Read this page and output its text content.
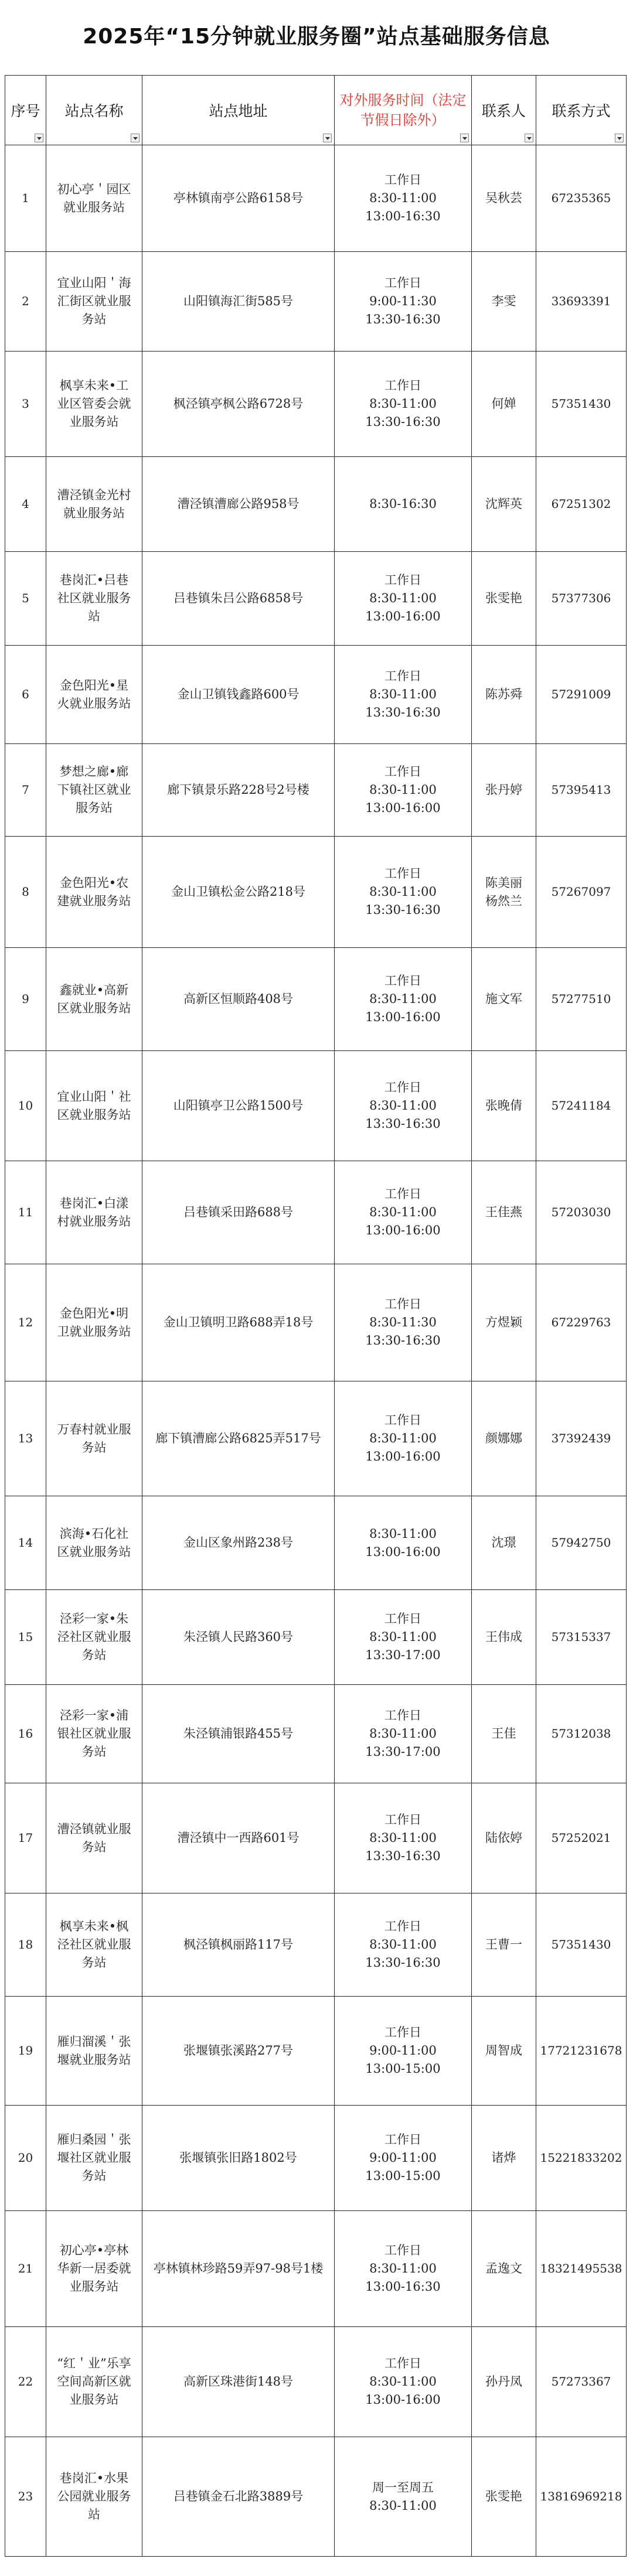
2025年“15分钟就业服务圈”站点基础服务信息
序号	站点名称	站点地址	对外服务时间（法定节假日除外）	联系人	联系方式

1	初心亭＇园区就业服务站	亭林镇南亭公路6158号	工作日
8:30-11:00
13:00-16:30	吴秋芸	67235365
2	宜业山阳＇海汇街区就业服务站	山阳镇海汇街585号	工作日
9:00-11:30
13:30-16:30	李雯	33693391
3	枫享未来•工业区管委会就业服务站	枫泾镇亭枫公路6728号	工作日
8:30-11:00
13:30-16:30	何婵	57351430
4	漕泾镇金光村就业服务站	漕泾镇漕廊公路958号	8:30-16:30	沈辉英	67251302
5	巷岗汇•吕巷社区就业服务站	吕巷镇朱吕公路6858号	工作日
8:30-11:00
13:00-16:00	张雯艳	57377306
6	金色阳光•星火就业服务站	金山卫镇钱鑫路600号	工作日
8:30-11:00
13:30-16:30	陈苏舜	57291009
7	梦想之廊•廊下镇社区就业服务站	廊下镇景乐路228号2号楼	工作日
8:30-11:00
13:00-16:00	张丹婷	57395413
8	金色阳光•农建就业服务站	金山卫镇松金公路218号	工作日
8:30-11:00
13:30-16:30	陈美丽
杨然兰	57267097
9	鑫就业•高新区就业服务站	高新区恒顺路408号	工作日
8:30-11:00
13:00-16:00	施文军	57277510
10	宜业山阳＇社区就业服务站	山阳镇亭卫公路1500号	工作日
8:30-11:00
13:30-16:30	张晚倩	57241184
11	巷岗汇•白漾村就业服务站	吕巷镇采田路688号	工作日
8:30-11:00
13:00-16:00	王佳燕	57203030
12	金色阳光•明卫就业服务站	金山卫镇明卫路688弄18号	工作日
8:30-11:30
13:30-16:30	方煜颖	67229763
13	万春村就业服务站	廊下镇漕廊公路6825弄517号	工作日
8:30-11:00
13:00-16:00	颜娜娜	37392439
14	滨海•石化社区就业服务站	金山区象州路238号	8:30-11:00
13:00-16:00	沈璟	57942750
15	泾彩一家•朱泾社区就业服务站	朱泾镇人民路360号	工作日
8:30-11:00
13:30-17:00	王伟成	57315337
16	泾彩一家•浦银社区就业服务站	朱泾镇浦银路455号	工作日
8:30-11:00
13:30-17:00	王佳	57312038
17	漕泾镇就业服务站	漕泾镇中一西路601号	工作日
8:30-11:00
13:30-16:30	陆依婷	57252021
18	枫享未来•枫泾社区就业服务站	枫泾镇枫丽路117号	工作日
8:30-11:00
13:30-16:30	王曹一	57351430
19	雁归溜溪＇张堰就业服务站	张堰镇张溪路277号	工作日
9:00-11:00
13:00-15:00	周智成	17721231678
20	雁归桑园＇张堰社区就业服务站	张堰镇张旧路1802号	工作日
9:00-11:00
13:00-15:00	诸烨	15221833202
21	初心亭•亭林华新一居委就业服务站	亭林镇林珍路59弄97-98号1楼	工作日
8:30-11:00
13:00-16:30	孟逸文	18321495538
22	“红＇业”乐享空间高新区就业服务站	高新区珠港街148号	工作日
8:30-11:00
13:00-16:00	孙丹凤	57273367
23	巷岗汇•水果公园就业服务站	吕巷镇金石北路3889号	周一至周五
8:30-11:00	张雯艳	13816969218
